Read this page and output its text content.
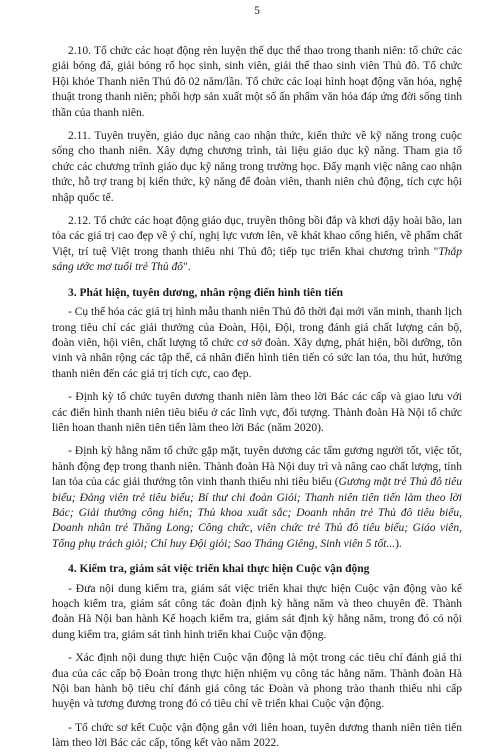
5

2.10. Tổ chức các hoạt động rèn luyện thể dục thể thao trong thanh niên: tổ chức các giải bóng đá, giải bóng rổ học sinh, sinh viên, giải thể thao sinh viên Thủ đô. Tổ chức Hội khỏe Thanh niên Thủ đô 02 năm/lần. Tổ chức các loại hình hoạt động văn hóa, nghệ thuật trong thanh niên; phối hợp sản xuất một số ấn phẩm văn hóa đáp ứng đời sống tinh thần của thanh niên.

2.11. Tuyên truyền, giáo dục nâng cao nhận thức, kiến thức về kỹ năng trong cuộc sống cho thanh niên. Xây dựng chương trình, tài liệu giáo dục kỹ năng. Tham gia tổ chức các chương trình giáo dục kỹ năng trong trường học. Đẩy mạnh việc nâng cao nhận thức, hỗ trợ trang bị kiến thức, kỹ năng để đoàn viên, thanh niên chủ động, tích cực hội nhập quốc tế.

2.12. Tổ chức các hoạt động giáo dục, truyền thông bồi đắp và khơi dậy hoài bão, lan tỏa các giá trị cao đẹp về ý chí, nghị lực vươn lên, về khát khao cống hiến, về phẩm chất Việt, trí tuệ Việt trong thanh thiếu nhi Thủ đô; tiếp tục triển khai chương trình "Thắp sáng ước mơ tuổi trẻ Thủ đô".

3. Phát hiện, tuyên dương, nhân rộng điển hình tiên tiến

- Cụ thể hóa các giá trị hình mẫu thanh niên Thủ đô thời đại mới văn minh, thanh lịch trong tiêu chí các giải thưởng của Đoàn, Hội, Đội, trong đánh giá chất lượng cán bộ, đoàn viên, hội viên, chất lượng tổ chức cơ sở đoàn. Xây dựng, phát hiện, bồi dưỡng, tôn vinh và nhân rộng các tập thể, cá nhân điển hình tiên tiến có sức lan tỏa, thu hút, hướng thanh niên đến các giá trị tích cực, cao đẹp.

- Định kỳ tổ chức tuyên dương thanh niên làm theo lời Bác các cấp và giao lưu với các điển hình thanh niên tiêu biểu ở các lĩnh vực, đối tượng. Thành đoàn Hà Nội tổ chức liên hoan thanh niên tiên tiến làm theo lời Bác (năm 2020).

- Định kỳ hằng năm tổ chức gặp mặt, tuyên dương các tấm gương người tốt, việc tốt, hành động đẹp trong thanh niên. Thành đoàn Hà Nội duy trì và nâng cao chất lượng, tính lan tỏa của các giải thưởng tôn vinh thanh thiếu nhi tiêu biểu (Gương mặt trẻ Thủ đô tiêu biểu; Đảng viên trẻ tiêu biểu; Bí thư chi đoàn Giỏi; Thanh niên tiên tiến làm theo lời Bác; Giải thưởng công hiến; Thủ khoa xuất sắc; Doanh nhân trẻ Thủ đô tiêu biểu, Doanh nhân trẻ Thăng Long; Công chức, viên chức trẻ Thủ đô tiêu biểu; Giáo viên, Tổng phụ trách giỏi; Chỉ huy Đội giỏi; Sao Tháng Giêng, Sinh viên 5 tốt...).

4. Kiểm tra, giám sát việc triển khai thực hiện Cuộc vận động

- Đưa nội dung kiểm tra, giám sát việc triển khai thực hiện Cuộc vận động vào kế hoạch kiểm tra, giám sát công tác đoàn định kỳ hằng năm và theo chuyên đề. Thành đoàn Hà Nội ban hành Kế hoạch kiểm tra, giám sát định kỳ hằng năm, trong đó có nội dung kiểm tra, giám sát tình hình triển khai Cuộc vận động.

- Xác định nội dung thực hiện Cuộc vận động là một trong các tiêu chí đánh giá thi đua của các cấp bộ Đoàn trong thực hiện nhiệm vụ công tác hằng năm. Thành đoàn Hà Nội ban hành bộ tiêu chí đánh giá công tác Đoàn và phong trào thanh thiếu nhi cấp huyện và tương đương trong đó có tiêu chí về triển khai Cuộc vận động.

- Tổ chức sơ kết Cuộc vận động gắn với liên hoan, tuyên dương thanh niên tiên tiến làm theo lời Bác các cấp, tổng kết vào năm 2022.
